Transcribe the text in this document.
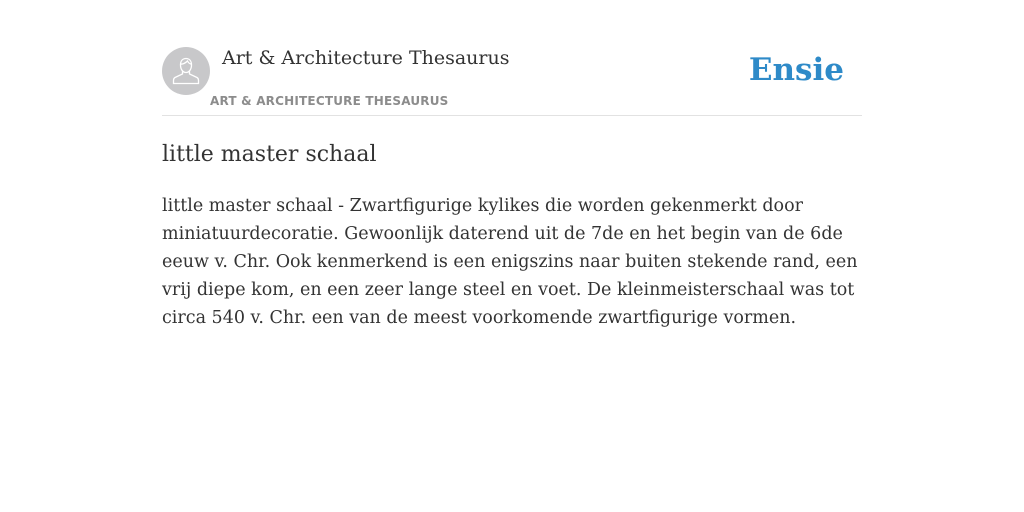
Art & Architecture Thesaurus
ART & ARCHITECTURE THESAURUS
Ensie
little master schaal

little master schaal - Zwartfigurige kylikes die worden gekenmerkt door miniatuurdecoratie. Gewoonlijk daterend uit de 7de en het begin van de 6de eeuw v. Chr. Ook kenmerkend is een enigszins naar buiten stekende rand, een vrij diepe kom, en een zeer lange steel en voet. De kleinmeisterschaal was tot circa 540 v. Chr. een van de meest voorkomende zwartfigurige vormen.
